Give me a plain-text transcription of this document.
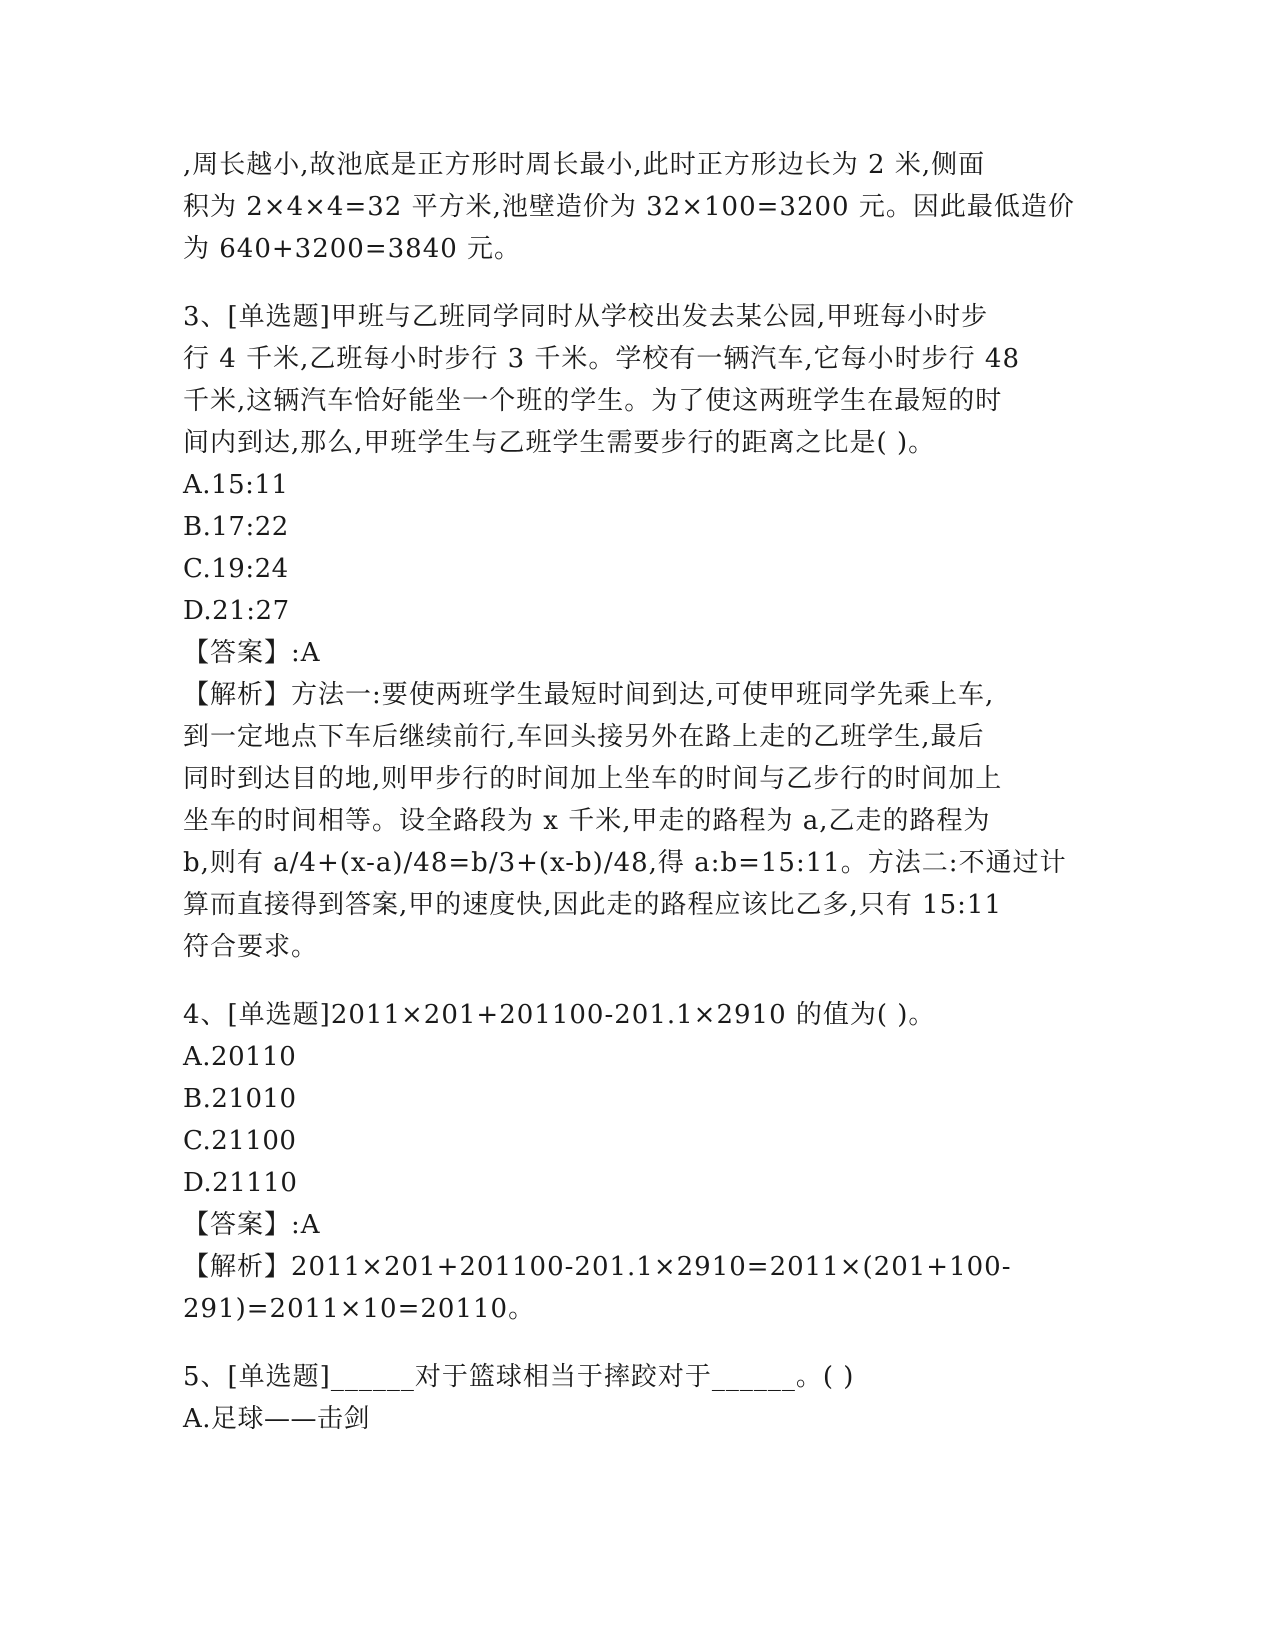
,周长越小,故池底是正方形时周长最小,此时正方形边长为 2 米,侧面
积为 2×4×4=32 平方米,池壁造价为 32×100=3200 元。因此最低造价
为 640+3200=3840 元。
3、[单选题]甲班与乙班同学同时从学校出发去某公园,甲班每小时步
行 4 千米,乙班每小时步行 3 千米。学校有一辆汽车,它每小时步行 48
千米,这辆汽车恰好能坐一个班的学生。为了使这两班学生在最短的时
间内到达,那么,甲班学生与乙班学生需要步行的距离之比是( )。
A.15:11
B.17:22
C.19:24
D.21:27
【答案】:A
【解析】方法一:要使两班学生最短时间到达,可使甲班同学先乘上车,
到一定地点下车后继续前行,车回头接另外在路上走的乙班学生,最后
同时到达目的地,则甲步行的时间加上坐车的时间与乙步行的时间加上
坐车的时间相等。设全路段为 x 千米,甲走的路程为 a,乙走的路程为
b,则有 a/4+(x-a)/48=b/3+(x-b)/48,得 a:b=15:11。方法二:不通过计
算而直接得到答案,甲的速度快,因此走的路程应该比乙多,只有 15:11
符合要求。
4、[单选题]2011×201+201100-201.1×2910 的值为( )。
A.20110
B.21010
C.21100
D.21110
【答案】:A
【解析】2011×201+201100-201.1×2910=2011×(201+100-
291)=2011×10=20110。
5、[单选题]______对于篮球相当于摔跤对于______。( )
A.足球——击剑
